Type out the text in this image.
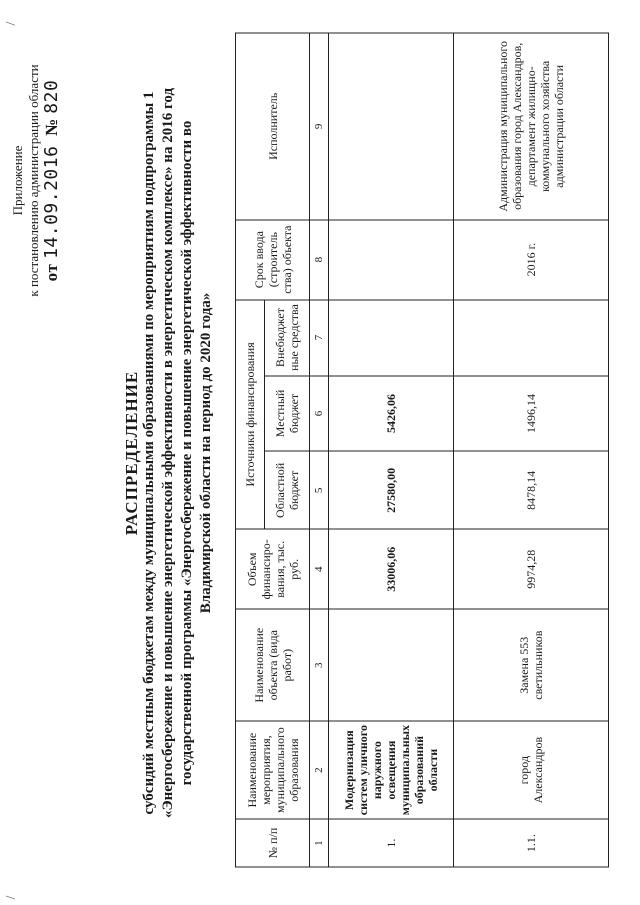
/
/
Приложение к постановлению администрации области от 14.09.2016  № 820
РАСПРЕДЕЛЕНИЕ субсидий местным бюджетам между муниципальными образованиями по мероприятиям подпрограммы 1 «Энергосбережение и повышение энергетической эффективности в энергетическом комплексе» на 2016 год государственной программы «Энергосбережение и повышение энергетической эффективности во Владимирской области на период до 2020 года»
№ п/п	Наименование мероприятия, муниципального образования	Наименование объекта (вида работ)	Объем финансиро-вания, тыс. руб.	Источники финансирования			Срок ввода (строитель ства) объекта	Исполнитель
				Областной бюджет	Местный бюджет	Внебюджет ные средства		
1	2	3	4	5	6	7	8	9
1.	Модернизация систем уличного наружного освещения муниципальных образований области		33006,06	27580,00	5426,06			
1.1.	город Александров	Замена 553 светильников	9974,28	8478,14	1496,14		2016 г.	Администрация муниципального образования город Александров, департамент жилищно-коммунального хозяйства администрации области
